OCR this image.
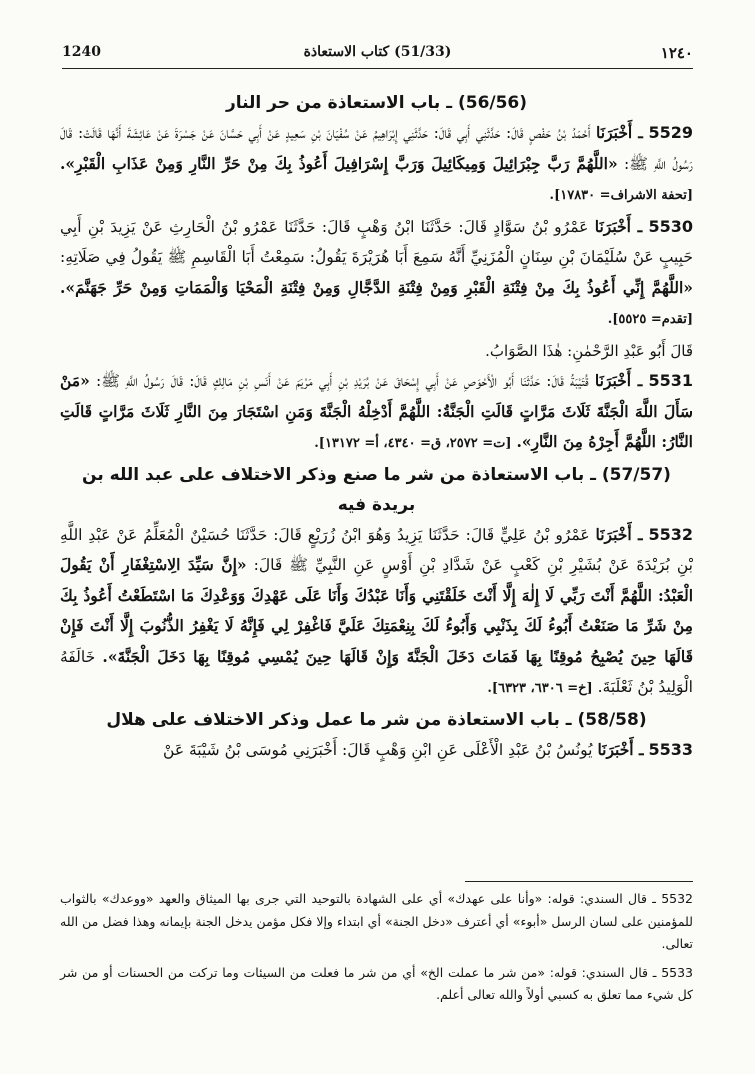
1240	(51/33) كتاب الاستعاذة	١٢٤٠

(56/56) ـ باب الاستعاذة من حر النار

5529 ـ أَخْبَرَنَا أَحْمَدُ بْنُ حَفْصٍ قَالَ: حَدَّثَنِي أَبِي قَالَ: حَدَّثَنِي إِبْرَاهِيمُ عَنْ سُفْيَانَ بْنِ سَعِيدٍ عَنْ أَبِي حَسَّانَ عَنْ جَسْرَةَ عَنْ عَائِشَةَ أَنَّهَا قَالَتْ: قَالَ رَسُولُ اللَّهِ ﷺ: «اللَّهُمَّ رَبَّ جِبْرَائِيلَ وَمِيكَائِيلَ وَرَبَّ إِسْرَافِيلَ أَعُوذُ بِكَ مِنْ حَرِّ النَّارِ وَمِنْ عَذَابِ الْقَبْرِ». [تحفة الاشراف= ١٧٨٣٠].

5530 ـ أَخْبَرَنَا عَمْرُو بْنُ سَوَّادٍ قَالَ: حَدَّثَنَا ابْنُ وَهْبٍ قَالَ: حَدَّثَنَا عَمْرُو بْنُ الْحَارِثِ عَنْ يَزِيدَ بْنِ أَبِي حَبِيبٍ عَنْ سُلَيْمَانَ بْنِ سِنَانٍ الْمُزَنِيِّ أَنَّهُ سَمِعَ أَبَا هُرَيْرَةَ يَقُولُ: سَمِعْتُ أَبَا الْقَاسِمِ ﷺ يَقُولُ فِي صَلَاتِهِ: «اللَّهُمَّ إِنِّي أَعُوذُ بِكَ مِنْ فِتْنَةِ الْقَبْرِ وَمِنْ فِتْنَةِ الدَّجَّالِ وَمِنْ فِتْنَةِ الْمَحْيَا وَالْمَمَاتِ وَمِنْ حَرِّ جَهَنَّمَ». [تقدم= ٥٥٢٥].

قَالَ أَبُو عَبْدِ الرَّحْمٰنِ: هٰذَا الصَّوَابُ.

5531 ـ أَخْبَرَنَا قُتَيْبَةُ قَالَ: حَدَّثَنَا أَبُو الْأَحْوَصِ عَنْ أَبِي إِسْحَاقَ عَنْ بُرَيْدِ بْنِ أَبِي مَرْيَمَ عَنْ أَنَسِ بْنِ مَالِكٍ قَالَ: قَالَ رَسُولُ اللَّهِ ﷺ: «مَنْ سَأَلَ اللَّهَ الْجَنَّةَ ثَلَاثَ مَرَّاتٍ قَالَتِ الْجَنَّةُ: اللَّهُمَّ أَدْخِلْهُ الْجَنَّةَ وَمَنِ اسْتَجَارَ مِنَ النَّارِ ثَلَاثَ مَرَّاتٍ قَالَتِ النَّارُ: اللَّهُمَّ أَجِرْهُ مِنَ النَّارِ». [ت= ٢٥٧٢، ق= ٤٣٤٠، أ= ١٣١٧٢].

(57/57) ـ باب الاستعاذة من شر ما صنع وذكر الاختلاف على عبد الله بن بريدة فيه

5532 ـ أَخْبَرَنَا عَمْرُو بْنُ عَلِيٍّ قَالَ: حَدَّثَنَا يَزِيدُ وَهُوَ ابْنُ زُرَيْعٍ قَالَ: حَدَّثَنَا حُسَيْنٌ الْمُعَلِّمُ عَنْ عَبْدِ اللَّهِ بْنِ بُرَيْدَةَ عَنْ بُشَيْرِ بْنِ كَعْبٍ عَنْ شَدَّادِ بْنِ أَوْسٍ عَنِ النَّبِيِّ ﷺ قَالَ: «إِنَّ سَيِّدَ الِاسْتِغْفَارِ أَنْ يَقُولَ الْعَبْدُ: اللَّهُمَّ أَنْتَ رَبِّي لَا إِلٰهَ إِلَّا أَنْتَ خَلَقْتَنِي وَأَنَا عَبْدُكَ وَأَنَا عَلَى عَهْدِكَ وَوَعْدِكَ مَا اسْتَطَعْتُ أَعُوذُ بِكَ مِنْ شَرِّ مَا صَنَعْتُ أَبُوءُ لَكَ بِذَنْبِي وَأَبُوءُ لَكَ بِنِعْمَتِكَ عَلَيَّ فَاغْفِرْ لِي فَإِنَّهُ لَا يَغْفِرُ الذُّنُوبَ إِلَّا أَنْتَ فَإِنْ قَالَهَا حِينَ يُصْبِحُ مُوقِنًا بِهَا فَمَاتَ دَخَلَ الْجَنَّةَ وَإِنْ قَالَهَا حِينَ يُمْسِي مُوقِنًا بِهَا دَخَلَ الْجَنَّةَ». خَالَفَهُ الْوَلِيدُ بْنُ ثَعْلَبَةَ. [خ= ٦٣٠٦، ٦٣٢٣].

(58/58) ـ باب الاستعاذة من شر ما عمل وذكر الاختلاف على هلال

5533 ـ أَخْبَرَنَا يُونُسُ بْنُ عَبْدِ الْأَعْلَى عَنِ ابْنِ وَهْبٍ قَالَ: أَخْبَرَنِي مُوسَى بْنُ شَيْبَةَ عَنْ

5532 ـ قال السندي: قوله: «وأنا على عهدك» أي على الشهادة بالتوحيد التي جرى بها الميثاق والعهد «ووعدك» بالثواب للمؤمنين على لسان الرسل «أبوء» أي أعترف «دخل الجنة» أي ابتداء وإلا فكل مؤمن يدخل الجنة بإيمانه وهذا فضل من الله تعالى.

5533 ـ قال السندي: قوله: «من شر ما عملت الخ» أي من شر ما فعلت من السيئات وما تركت من الحسنات أو من شر كل شيء مما تعلق به كسبي أولاً والله تعالى أعلم.
